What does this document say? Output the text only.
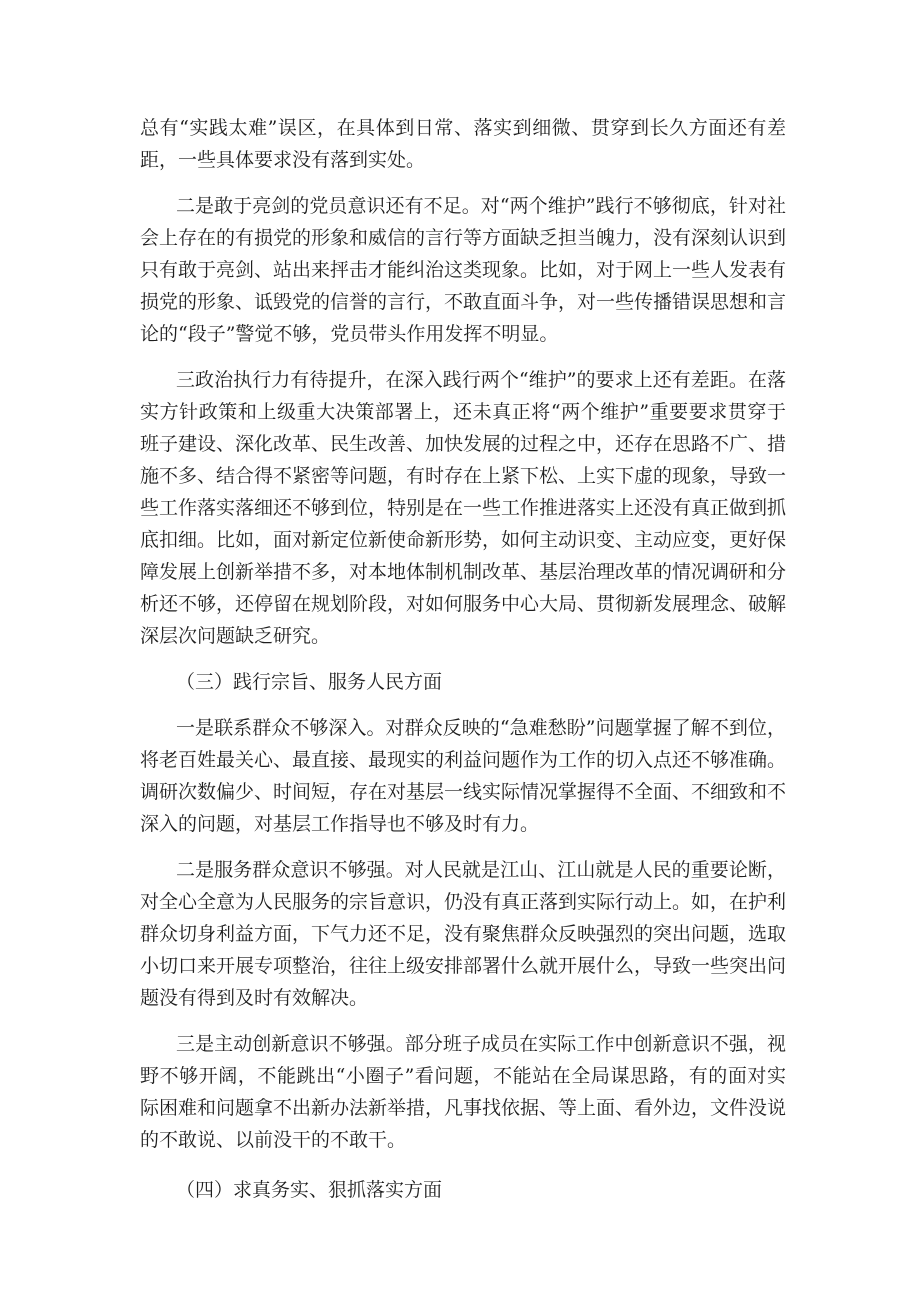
总有“实践太难”误区，在具体到日常、落实到细微、贯穿到长久方面还有差距，一些具体要求没有落到实处。

二是敢于亮剑的党员意识还有不足。对“两个维护”践行不够彻底，针对社会上存在的有损党的形象和威信的言行等方面缺乏担当魄力，没有深刻认识到只有敢于亮剑、站出来抨击才能纠治这类现象。比如，对于网上一些人发表有损党的形象、诋毁党的信誉的言行，不敢直面斗争，对一些传播错误思想和言论的“段子”警觉不够，党员带头作用发挥不明显。

三政治执行力有待提升，在深入践行两个“维护”的要求上还有差距。在落实方针政策和上级重大决策部署上，还未真正将“两个维护”重要要求贯穿于班子建设、深化改革、民生改善、加快发展的过程之中，还存在思路不广、措施不多、结合得不紧密等问题，有时存在上紧下松、上实下虚的现象，导致一些工作落实落细还不够到位，特别是在一些工作推进落实上还没有真正做到抓底扣细。比如，面对新定位新使命新形势，如何主动识变、主动应变，更好保障发展上创新举措不多，对本地体制机制改革、基层治理改革的情况调研和分析还不够，还停留在规划阶段，对如何服务中心大局、贯彻新发展理念、破解深层次问题缺乏研究。

（三）践行宗旨、服务人民方面

一是联系群众不够深入。对群众反映的“急难愁盼”问题掌握了解不到位，将老百姓最关心、最直接、最现实的利益问题作为工作的切入点还不够准确。调研次数偏少、时间短，存在对基层一线实际情况掌握得不全面、不细致和不深入的问题，对基层工作指导也不够及时有力。

二是服务群众意识不够强。对人民就是江山、江山就是人民的重要论断，对全心全意为人民服务的宗旨意识，仍没有真正落到实际行动上。如，在护利群众切身利益方面，下气力还不足，没有聚焦群众反映强烈的突出问题，选取小切口来开展专项整治，往往上级安排部署什么就开展什么，导致一些突出问题没有得到及时有效解决。

三是主动创新意识不够强。部分班子成员在实际工作中创新意识不强，视野不够开阔，不能跳出“小圈子”看问题，不能站在全局谋思路，有的面对实际困难和问题拿不出新办法新举措，凡事找依据、等上面、看外边，文件没说的不敢说、以前没干的不敢干。

（四）求真务实、狠抓落实方面
